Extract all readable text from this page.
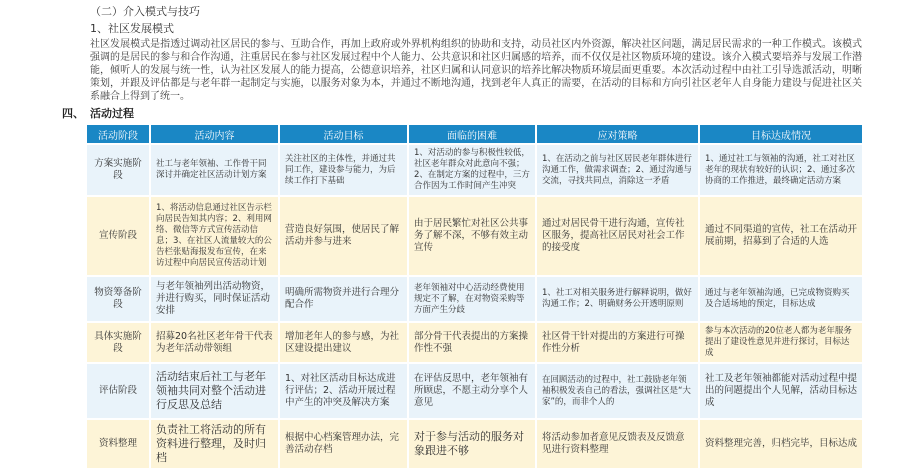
（二）介入模式与技巧
1、社区发展模式
社区发展模式是指透过调动社区居民的参与、互助合作，再加上政府或外界机构组织的协助和支持，动员社区内外资源，解决社区问题，满足居民需求的一种工作模式。该模式强调的是居民的参与和合作沟通，注重居民在参与社区发展过程中个人能力、公共意识和社区归属感的培养，而不仅仅是社区物质环境的建设。该介入模式要培养与发展工作潜能，倾听人的发展与统一性，认为社区发展人的能力提高，公德意识培养，社区归属和认同意识的培养比解决物质环境层面更重要。本次活动过程中由社工引导选派活动，明晰策划，并跟及评估都是与老年群一起制定与实施，以服务对象为本，并通过不断地沟通，找到老年人真正的需要，在活动的目标和方向引社区老年人自身能力建设与促进社区关系融合上得到了统一。
四、 活动过程
活动阶段	活动内容	活动目标	面临的困难	应对策略	目标达成情况
方案实施阶段	社工与老年领袖、工作骨干同深讨并确定社区活动计划方案	关注社区的主体性，并通过共同工作，建设参与能力，为后续工作打下基础	1、对活动的参与积极性较低，社区老年群众对此意向不强；2、在制定方案的过程中，三方合作因为工作时间产生冲突	1、在活动之前与社区居民老年群体进行沟通工作，做需求调查；2、通过沟通与交流，寻找共同点，消除这一矛盾	1、通过社工与领袖的沟通，社工对社区老年的现状有较好的认识；2、通过多次协商的工作推进，最终确定活动方案
宣传阶段	1、将活动信息通过社区告示栏向居民告知其内容；2、利用网络、微信等方式宣传活动信息；3、在社区人流量较大的公告栏张贴海报发布宣传，在来访过程中向居民宣传活动计划	营造良好氛围，使居民了解活动并参与进来	由于居民繁忙对社区公共事务了解不深，不够有效主动宣传	通过对居民骨干进行沟通，宣传社区服务，提高社区居民对社会工作的接受度	通过不同渠道的宣传，社工在活动开展前期，招募到了合适的人选
物资筹备阶段	与老年领袖列出活动物资，并进行购买，同时保证活动安排	明确所需物资并进行合理分配合作	老年领袖对中心活动经费使用规定不了解，在对物资采购等方面产生分歧	1、社工对相关服务进行解释说明，做好沟通工作；2、明确财务公开透明原则	通过与老年领袖沟通，已完成物资购买及合适场地的预定，目标达成
具体实施阶段	招募20名社区老年骨干代表为老年活动带领组	增加老年人的参与感，为社区建设提出建议	部分骨干代表提出的方案操作性不强	社区骨干针对提出的方案进行可操作性分析	参与本次活动的20位老人都为老年服务提出了建设性意见并进行探讨，目标达成
评估阶段	活动结束后社工与老年领袖共同对整个活动进行反思及总结	1、对社区活动目标达成进行评估；2、活动开展过程中产生的冲突及解决方案	在评估反思中，老年领袖有所顾虑，不愿主动分享个人意见	在回顾活动的过程中，社工鼓励老年领袖积极发表自己的看法，强调社区是“大家”的，而非个人的	社工及老年领袖都能对活动过程中提出的问题提出个人见解，活动目标达成
资料整理	负责社工将活动的所有资料进行整理，及时归档	根据中心档案管理办法，完善活动存档	对于参与活动的服务对象跟进不够	将活动参加者意见反馈表及反馈意见进行资料整理	资料整理完善，归档完毕，目标达成
